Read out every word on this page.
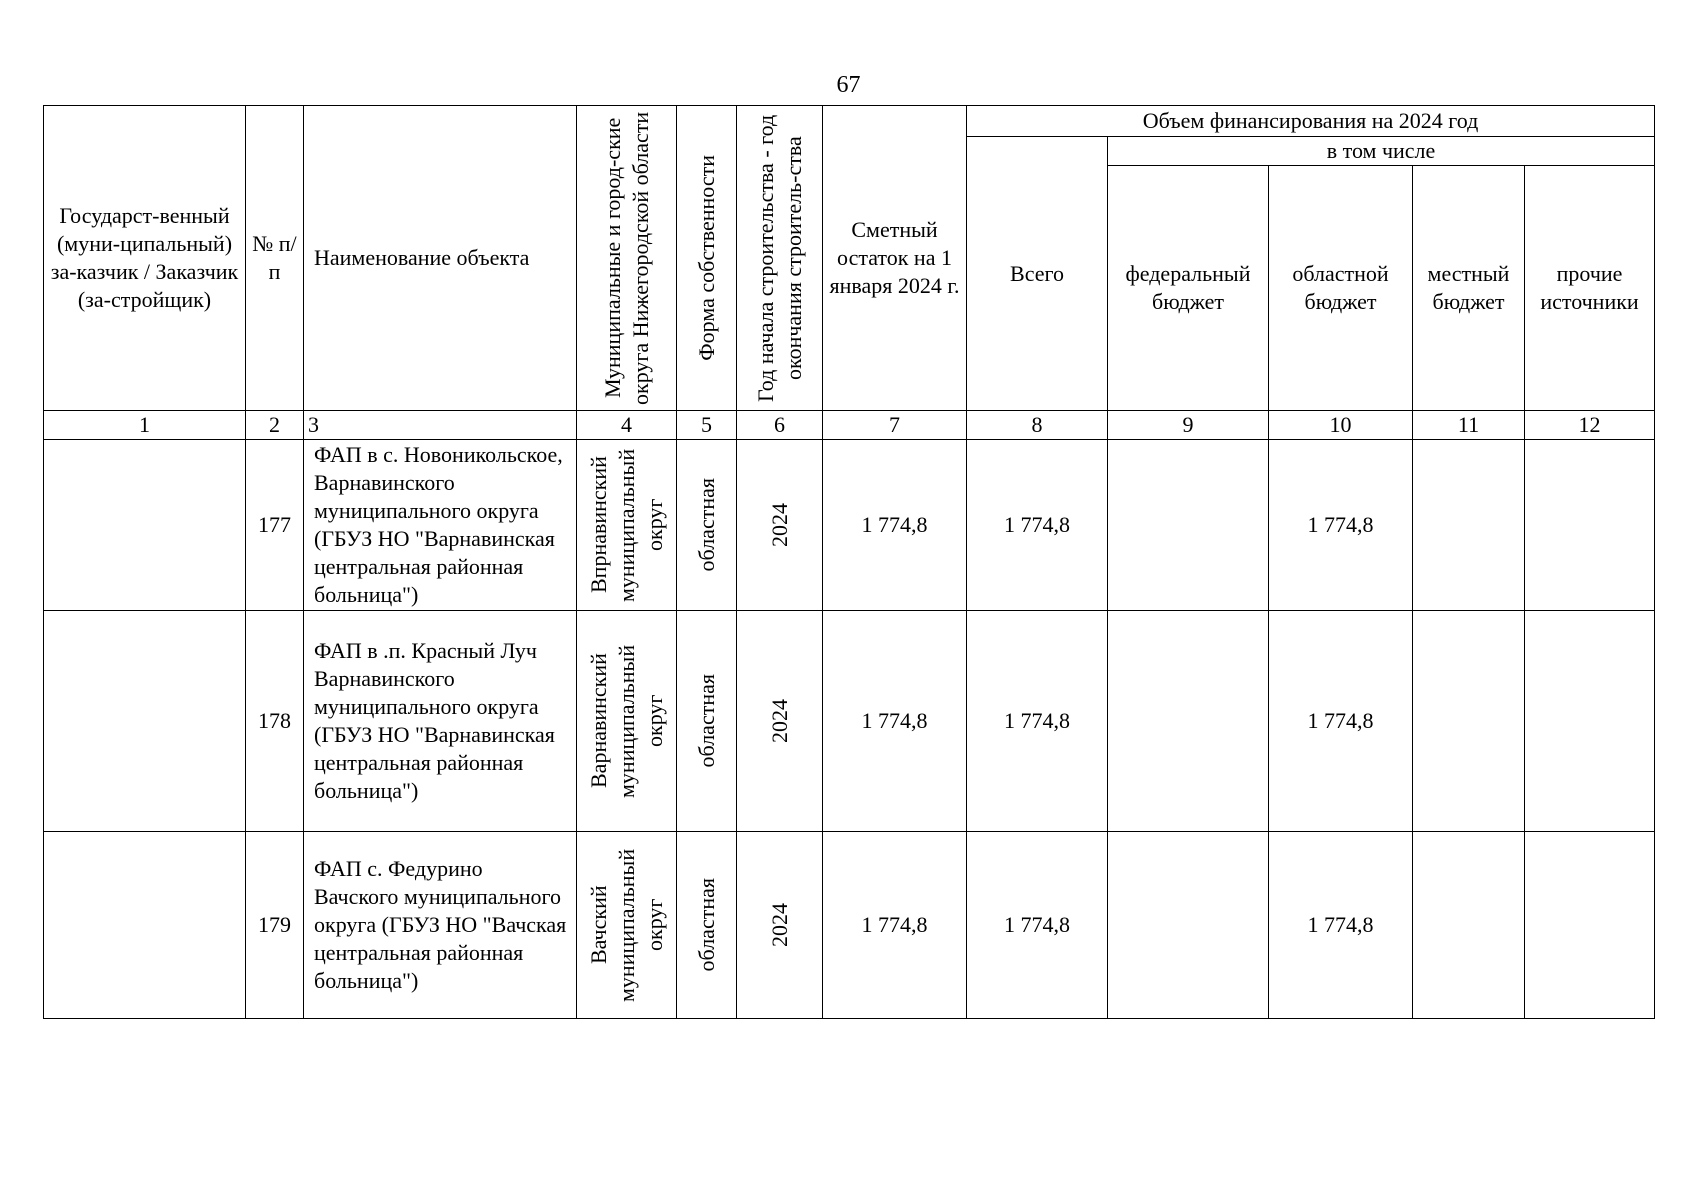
67
Государст-венный (муни-ципальный) за-казчик / Заказчик (за-стройщик)	№ п/п	Наименование объекта	Муниципальные и город-ские округа Нижегородской области	Форма собственности	Год начала строительства - год окончания строитель-ства	Сметный остаток на 1 января 2024 г.	Объем финансирования на 2024 год				
							Всего	в том числе			
								федеральный бюджет	областной бюджет	местный бюджет	прочие источники
1	2	3	4	5	6	7	8	9	10	11	12
	177	ФАП в с. Новоникольское, Варнавинского муниципального округа (ГБУЗ НО "Варнавинская центральная районная больница")	Впрнавинский муниципальный округ	областная	2024	1 774,8	1 774,8		1 774,8		
	178	ФАП в .п. Красный Луч Варнавинского муниципального округа (ГБУЗ НО "Варнавинская центральная районная больница")	Варнавинский муниципальный округ	областная	2024	1 774,8	1 774,8		1 774,8		
	179	ФАП с. Федурино Вачского муниципального округа (ГБУЗ НО "Вачская центральная районная больница")	Вачский муниципальный округ	областная	2024	1 774,8	1 774,8		1 774,8		
